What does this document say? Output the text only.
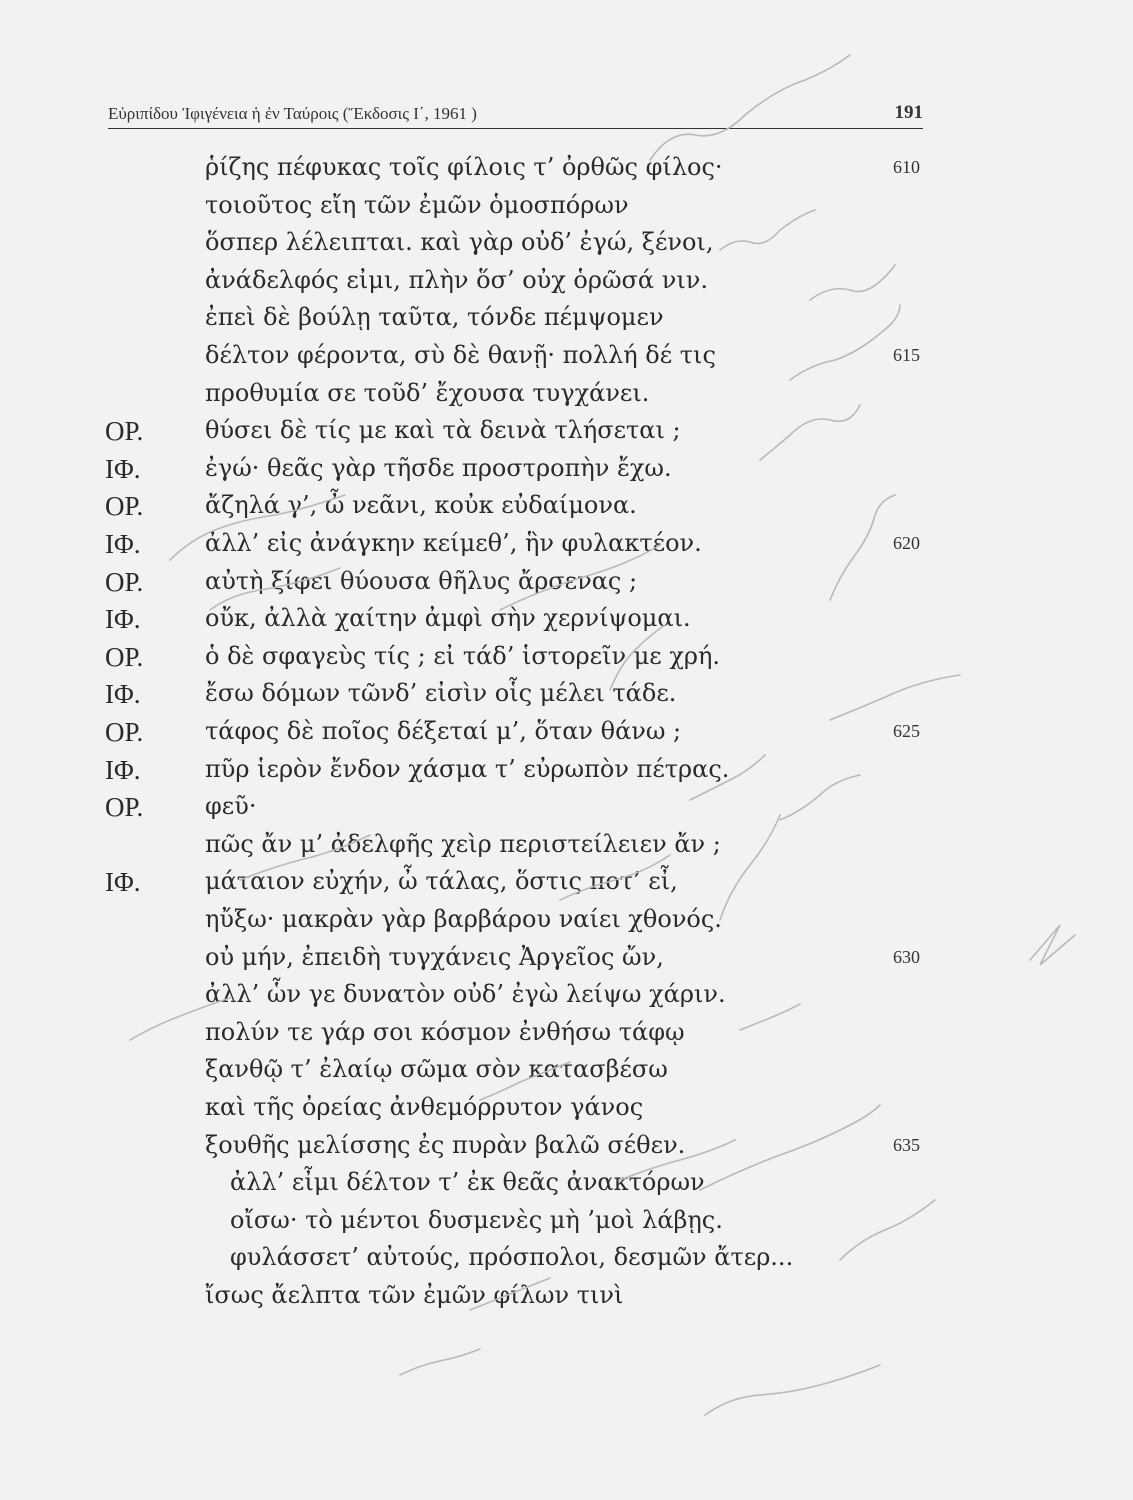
Εὐριπίδου Ἰφιγένεια ἡ ἐν Ταύροις (Ἔκδοσις Ι΄, 1961 )	191
ῥίζης πέφυκας τοῖς φίλοις τ’ ὀρθῶς φίλος·	610
τοιοῦτος εἴη τῶν ἐμῶν ὁμοσπόρων
ὅσπερ λέλειπται. καὶ γὰρ οὐδ’ ἐγώ, ξένοι,
ἀνάδελφός εἰμι, πλὴν ὅσ’ οὐχ ὁρῶσά νιν.
ἐπεὶ δὲ βούλῃ ταῦτα, τόνδε πέμψομεν
δέλτον φέροντα, σὺ δὲ θανῇ· πολλή δέ τις	615
προθυμία σε τοῦδ’ ἔχουσα τυγχάνει.
ΟΡ.	θύσει δὲ τίς με καὶ τὰ δεινὰ τλήσεται ;
ΙΦ.	ἐγώ· θεᾶς γὰρ τῆσδε προστροπὴν ἔχω.
ΟΡ.	ἄζηλά γ’, ὦ νεᾶνι, κοὐκ εὐδαίμονα.
ΙΦ.	ἀλλ’ εἰς ἀνάγκην κείμεθ’, ἣν φυλακτέον.	620
ΟΡ.	αὐτὴ ξίφει θύουσα θῆλυς ἄρσενας ;
ΙΦ.	οὔκ, ἀλλὰ χαίτην ἀμφὶ σὴν χερνίψομαι.
ΟΡ.	ὁ δὲ σφαγεὺς τίς ; εἰ τάδ’ ἱστορεῖν με χρή.
ΙΦ.	ἔσω δόμων τῶνδ’ εἰσὶν οἷς μέλει τάδε.
ΟΡ.	τάφος δὲ ποῖος δέξεταί μ’, ὅταν θάνω ;	625
ΙΦ.	πῦρ ἱερὸν ἔνδον χάσμα τ’ εὐρωπὸν πέτρας.
ΟΡ.	φεῦ·
πῶς ἄν μ’ ἀδελφῆς χεὶρ περιστείλειεν ἄν ;
ΙΦ.	μάταιον εὐχήν, ὦ τάλας, ὅστις ποτ’ εἶ,
ηὔξω· μακρὰν γὰρ βαρβάρου ναίει χθονός.
οὐ μήν, ἐπειδὴ τυγχάνεις Ἀργεῖος ὤν,	630
ἀλλ’ ὧν γε δυνατὸν οὐδ’ ἐγὼ λείψω χάριν.
πολύν τε γάρ σοι κόσμον ἐνθήσω τάφῳ
ξανθῷ τ’ ἐλαίῳ σῶμα σὸν κατασβέσω
καὶ τῆς ὀρείας ἀνθεμόρρυτον γάνος
ξουθῆς μελίσσης ἐς πυρὰν βαλῶ σέθεν.	635
ἀλλ’ εἶμι δέλτον τ’ ἐκ θεᾶς ἀνακτόρων
οἴσω· τὸ μέντοι δυσμενὲς μὴ ’μοὶ λάβῃς.
φυλάσσετ’ αὐτούς, πρόσπολοι, δεσμῶν ἄτερ...
ἴσως ἄελπτα τῶν ἐμῶν φίλων τινὶ
